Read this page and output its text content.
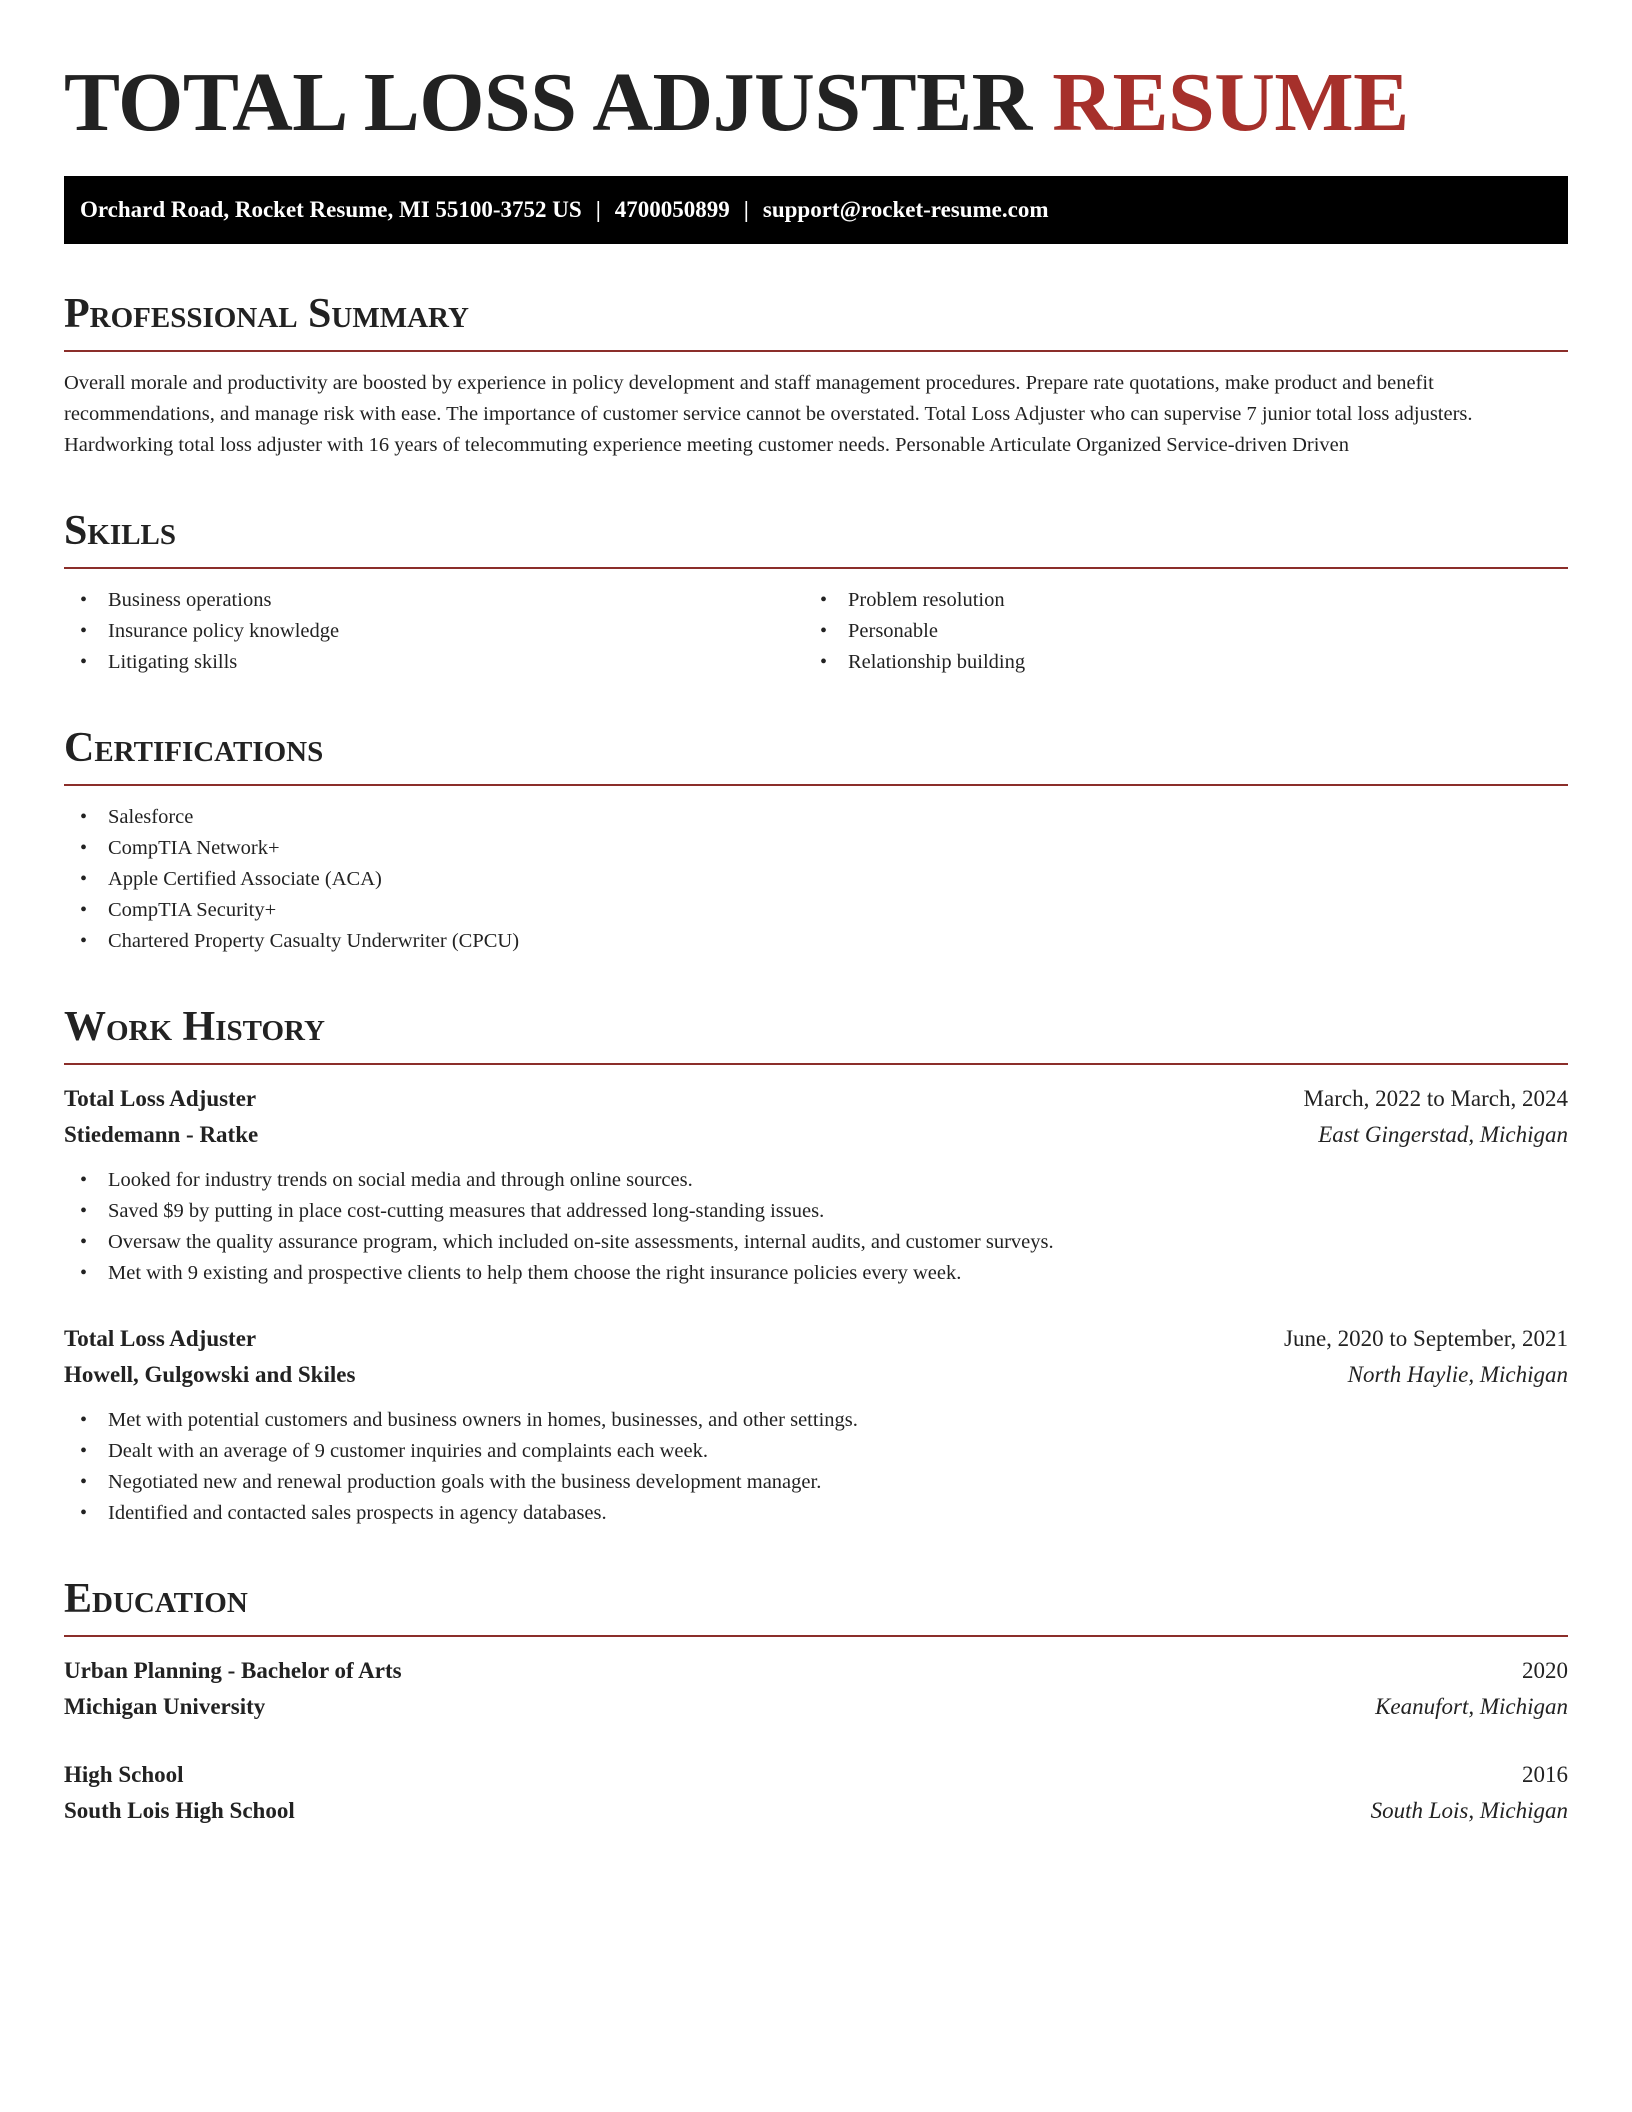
TOTAL LOSS ADJUSTER RESUME
Orchard Road, Rocket Resume, MI 55100-3752 US | 4700050899 | support@rocket-resume.com
Professional Summary

Overall morale and productivity are boosted by experience in policy development and staff management procedures. Prepare rate quotations, make product and benefit recommendations, and manage risk with ease. The importance of customer service cannot be overstated. Total Loss Adjuster who can supervise 7 junior total loss adjusters. Hardworking total loss adjuster with 16 years of telecommuting experience meeting customer needs. Personable Articulate Organized Service-driven Driven

Skills
• Business operations
• Insurance policy knowledge
• Litigating skills
• Problem resolution
• Personable
• Relationship building
Certifications
• Salesforce
• CompTIA Network+
• Apple Certified Associate (ACA)
• CompTIA Security+
• Chartered Property Casualty Underwriter (CPCU)
Work History
Total Loss Adjuster	March, 2022 to March, 2024
Stiedemann - Ratke	East Gingerstad, Michigan
• Looked for industry trends on social media and through online sources.
• Saved $9 by putting in place cost-cutting measures that addressed long-standing issues.
• Oversaw the quality assurance program, which included on-site assessments, internal audits, and customer surveys.
• Met with 9 existing and prospective clients to help them choose the right insurance policies every week.
Total Loss Adjuster	June, 2020 to September, 2021
Howell, Gulgowski and Skiles	North Haylie, Michigan
• Met with potential customers and business owners in homes, businesses, and other settings.
• Dealt with an average of 9 customer inquiries and complaints each week.
• Negotiated new and renewal production goals with the business development manager.
• Identified and contacted sales prospects in agency databases.
Education
Urban Planning - Bachelor of Arts	2020
Michigan University	Keanufort, Michigan
High School	2016
South Lois High School	South Lois, Michigan
